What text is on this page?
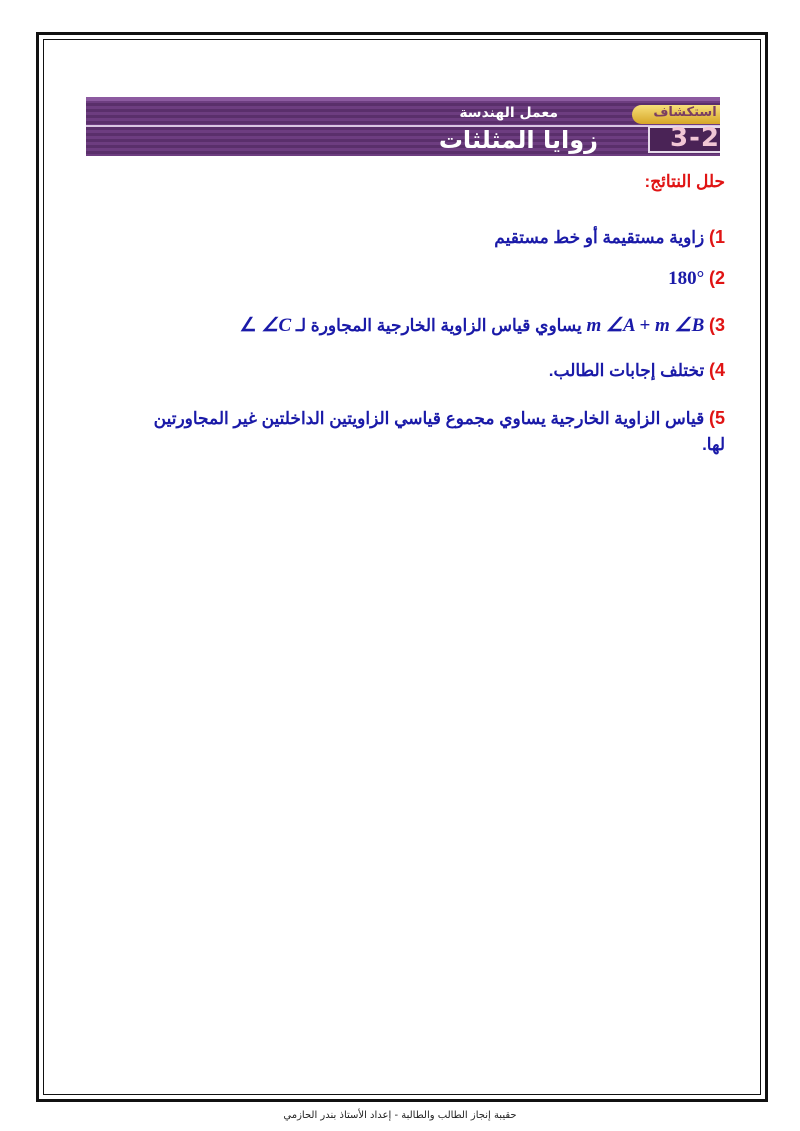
استكشاف
معمل الهندسة
3-2
زوايا المثلثات
حلل النتائج:
1) زاوية مستقيمة أو خط مستقيم
2) 180°
3) m ∠A + m ∠B يساوي قياس الزاوية الخارجية المجاورة لـ ∠C ∠
4) تختلف إجابات الطالب.
5) قياس الزاوية الخارجية يساوي مجموع قياسي الزاويتين الداخلتين غير المجاورتين لها.
حقيبة إنجاز الطالب والطالبة - إعداد الأستاذ بندر الحازمي
